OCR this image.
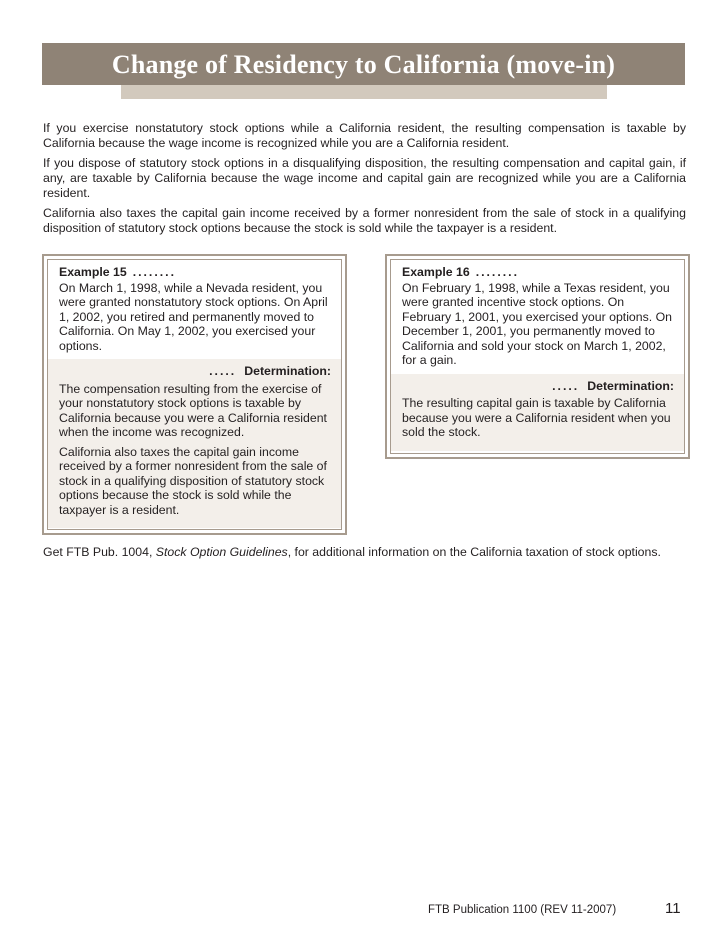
Change of Residency to California (move-in)

If you exercise nonstatutory stock options while a California resident, the resulting compensation is taxable by California because the wage income is recognized while you are a California resident.

If you dispose of statutory stock options in a disqualifying disposition, the resulting compensation and capital gain, if any, are taxable by California because the wage income and capital gain are recognized while you are a California resident.

California also taxes the capital gain income received by a former nonresident from the sale of stock in a qualifying disposition of statutory stock options because the stock is sold while the taxpayer is a resident.

Example 15 ........
On March 1, 1998, while a Nevada resident, you were granted nonstatutory stock options. On April 1, 2002, you retired and permanently moved to California. On May 1, 2002, you exercised your options.
..... Determination:

The compensation resulting from the exercise of your nonstatutory stock options is taxable by California because you were a California resident when the income was recognized.

California also taxes the capital gain income received by a former nonresident from the sale of stock in a qualifying disposition of statutory stock options because the stock is sold while the taxpayer is a resident.

Example 16 ........
On February 1, 1998, while a Texas resident, you were granted incentive stock options. On February 1, 2001, you exercised your options. On December 1, 2001, you permanently moved to California and sold your stock on March 1, 2002, for a gain.
..... Determination:

The resulting capital gain is taxable by California because you were a California resident when you sold the stock.

Get FTB Pub. 1004, Stock Option Guidelines, for additional information on the California taxation of stock options.

FTB Publication 1100 (REV 11-2007)	11
